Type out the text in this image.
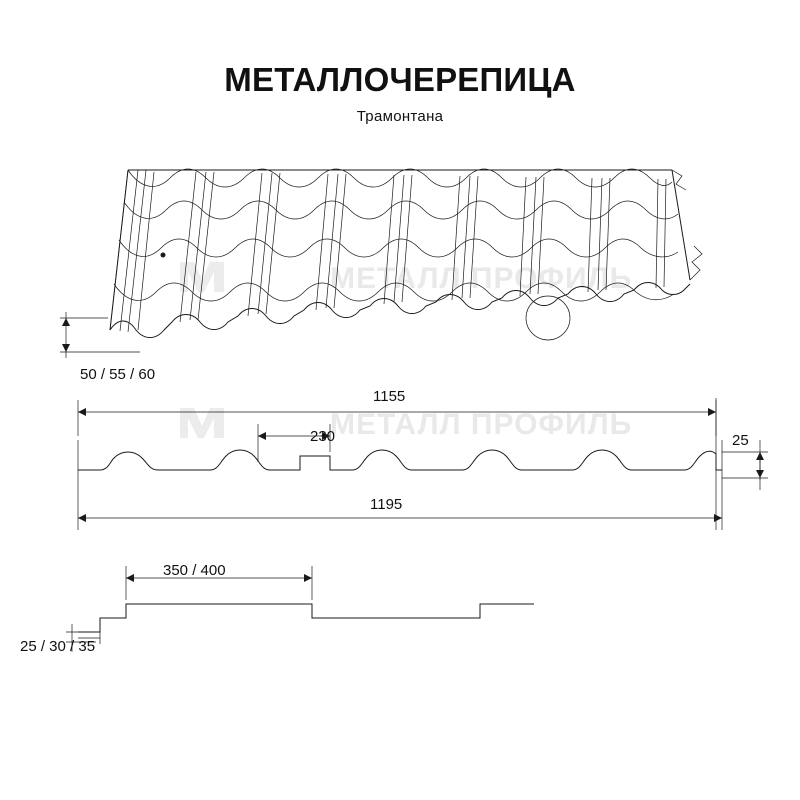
МЕТАЛЛ ПРОФИЛЬ
МЕТАЛЛ ПРОФИЛЬ
МЕТАЛЛОЧЕРЕПИЦА
Трамонтана
50 / 55 / 60
1155
230	25
1195
350 / 400
25 / 30 / 35
